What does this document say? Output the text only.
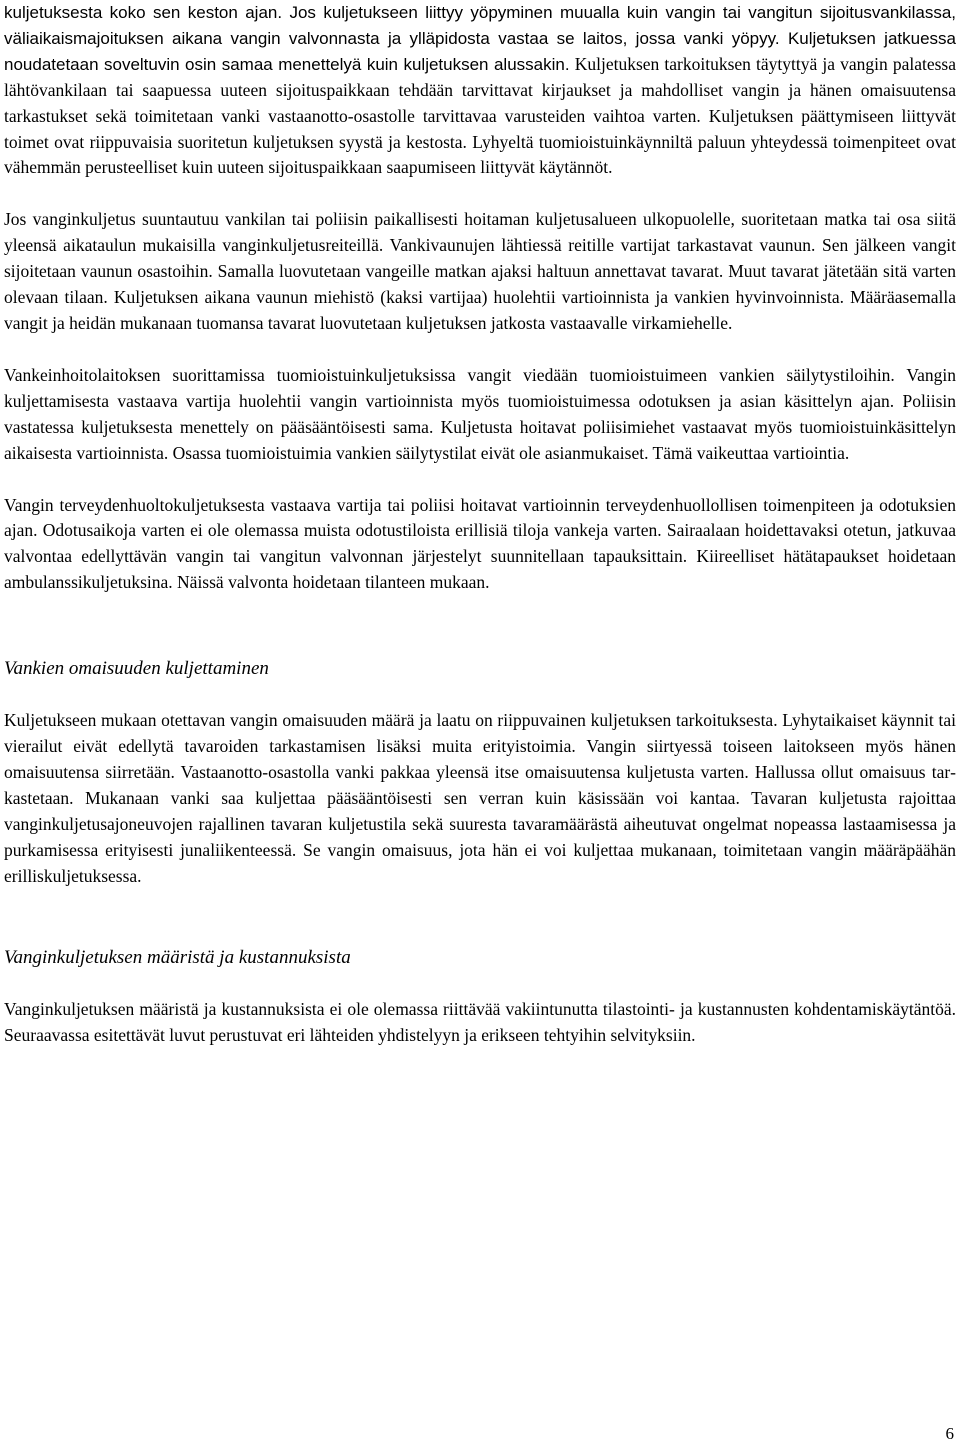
kuljetuksesta koko sen keston ajan. Jos kuljetukseen liittyy yöpyminen muualla kuin vangin tai vangitun sijoitusvankilassa, väliaikaismajoituksen aikana vangin valvonnasta ja ylläpidosta vastaa se laitos, jossa vanki yöpyy. Kuljetuksen jatkuessa noudatetaan soveltuvin osin samaa menettelyä kuin kuljetuksen alussakin. Kuljetuksen tarkoituksen täytyttyä ja vangin palatessa lähtövankilaan tai saapuessa uuteen sijoituspaikkaan tehdään tarvittavat kirjaukset ja mahdolliset vangin ja hänen omaisuutensa tarkastukset sekä toimitetaan vanki vastaanotto-osastolle tarvittavaa varusteiden vaihtoa varten. Kuljetuksen päättymiseen liittyvät toimet ovat riippuvaisia suoritetun kuljetuksen syystä ja kestosta. Lyhyeltä tuomioistuinkäynniltä paluun yhteydessä toimenpiteet ovat vähemmän perusteelliset kuin uuteen sijoituspaikkaan saapumiseen liittyvät käytännöt.

Jos vanginkuljetus suuntautuu vankilan tai poliisin paikallisesti hoitaman kuljetusalueen ulkopuolelle, suoritetaan matka tai osa siitä yleensä aikataulun mukaisilla vanginkuljetusreiteillä. Vankivaunujen lähtiessä reitille vartijat tarkastavat vaunun. Sen jälkeen vangit sijoitetaan vaunun osastoihin. Samalla luovutetaan vangeille matkan ajaksi haltuun annettavat tavarat. Muut tavarat jätetään sitä varten olevaan tilaan. Kuljetuksen aikana vaunun miehistö (kaksi vartijaa) huolehtii vartioinnista ja vankien hyvinvoinnista. Määräasemalla vangit ja heidän mukanaan tuomansa tavarat luovutetaan kuljetuksen jatkosta vastaavalle virkamiehelle.

Vankeinhoitolaitoksen suorittamissa tuomioistuinkuljetuksissa vangit viedään tuomioistuimeen vankien säilytystiloihin. Vangin kuljettamisesta vastaava vartija huolehtii vangin vartioinnista myös tuomioistuimessa odotuksen ja asian käsittelyn ajan. Poliisin vastatessa kuljetuksesta menettely on pääsääntöisesti sama. Kuljetusta hoitavat poliisimiehet vastaavat myös tuomioistuinkäsittelyn aikaisesta vartioinnista. Osassa tuomioistuimia vankien säilytystilat eivät ole asianmukaiset. Tämä vaikeuttaa vartiointia.

Vangin terveydenhuoltokuljetuksesta vastaava vartija tai poliisi hoitavat vartioinnin terveydenhuollollisen toimenpiteen ja odotuksien ajan. Odotusaikoja varten ei ole olemassa muista odotustiloista erillisiä tiloja vankeja varten. Sairaalaan hoidettavaksi otetun, jatkuvaa valvontaa edellyttävän vangin tai vangitun valvonnan järjestelyt suunnitellaan tapauksittain. Kiireelliset hätätapaukset hoidetaan ambulanssikuljetuksina. Näissä valvonta hoidetaan tilanteen mukaan.

Vankien omaisuuden kuljettaminen

Kuljetukseen mukaan otettavan vangin omaisuuden määrä ja laatu on riippuvainen kuljetuksen tarkoituksesta. Lyhytaikaiset käynnit tai vierailut eivät edellytä tavaroiden tarkastamisen lisäksi muita erityistoimia. Vangin siirtyessä toiseen laitokseen myös hänen omaisuutensa siirretään. Vastaanotto-osastolla vanki pakkaa yleensä itse omaisuutensa kuljetusta varten. Hallussa ollut omaisuus tarkastetaan. Mukanaan vanki saa kuljettaa pääsääntöisesti sen verran kuin käsissään voi kantaa. Tavaran kuljetusta rajoittaa vanginkuljetusajoneuvojen rajallinen tavaran kuljetustila sekä suuresta tavaramäärästä aiheutuvat ongelmat nopeassa lastaamisessa ja purkamisessa erityisesti junaliikenteessä. Se vangin omaisuus, jota hän ei voi kuljettaa mukanaan, toimitetaan vangin määräpäähän erilliskuljetuksessa.

Vanginkuljetuksen määristä ja kustannuksista

Vanginkuljetuksen määristä ja kustannuksista ei ole olemassa riittävää vakiintunutta tilastointi- ja kustannusten kohdentamiskäytäntöä. Seuraavassa esitettävät luvut perustuvat eri lähteiden yhdistelyyn ja erikseen tehtyihin selvityksiin.

6
